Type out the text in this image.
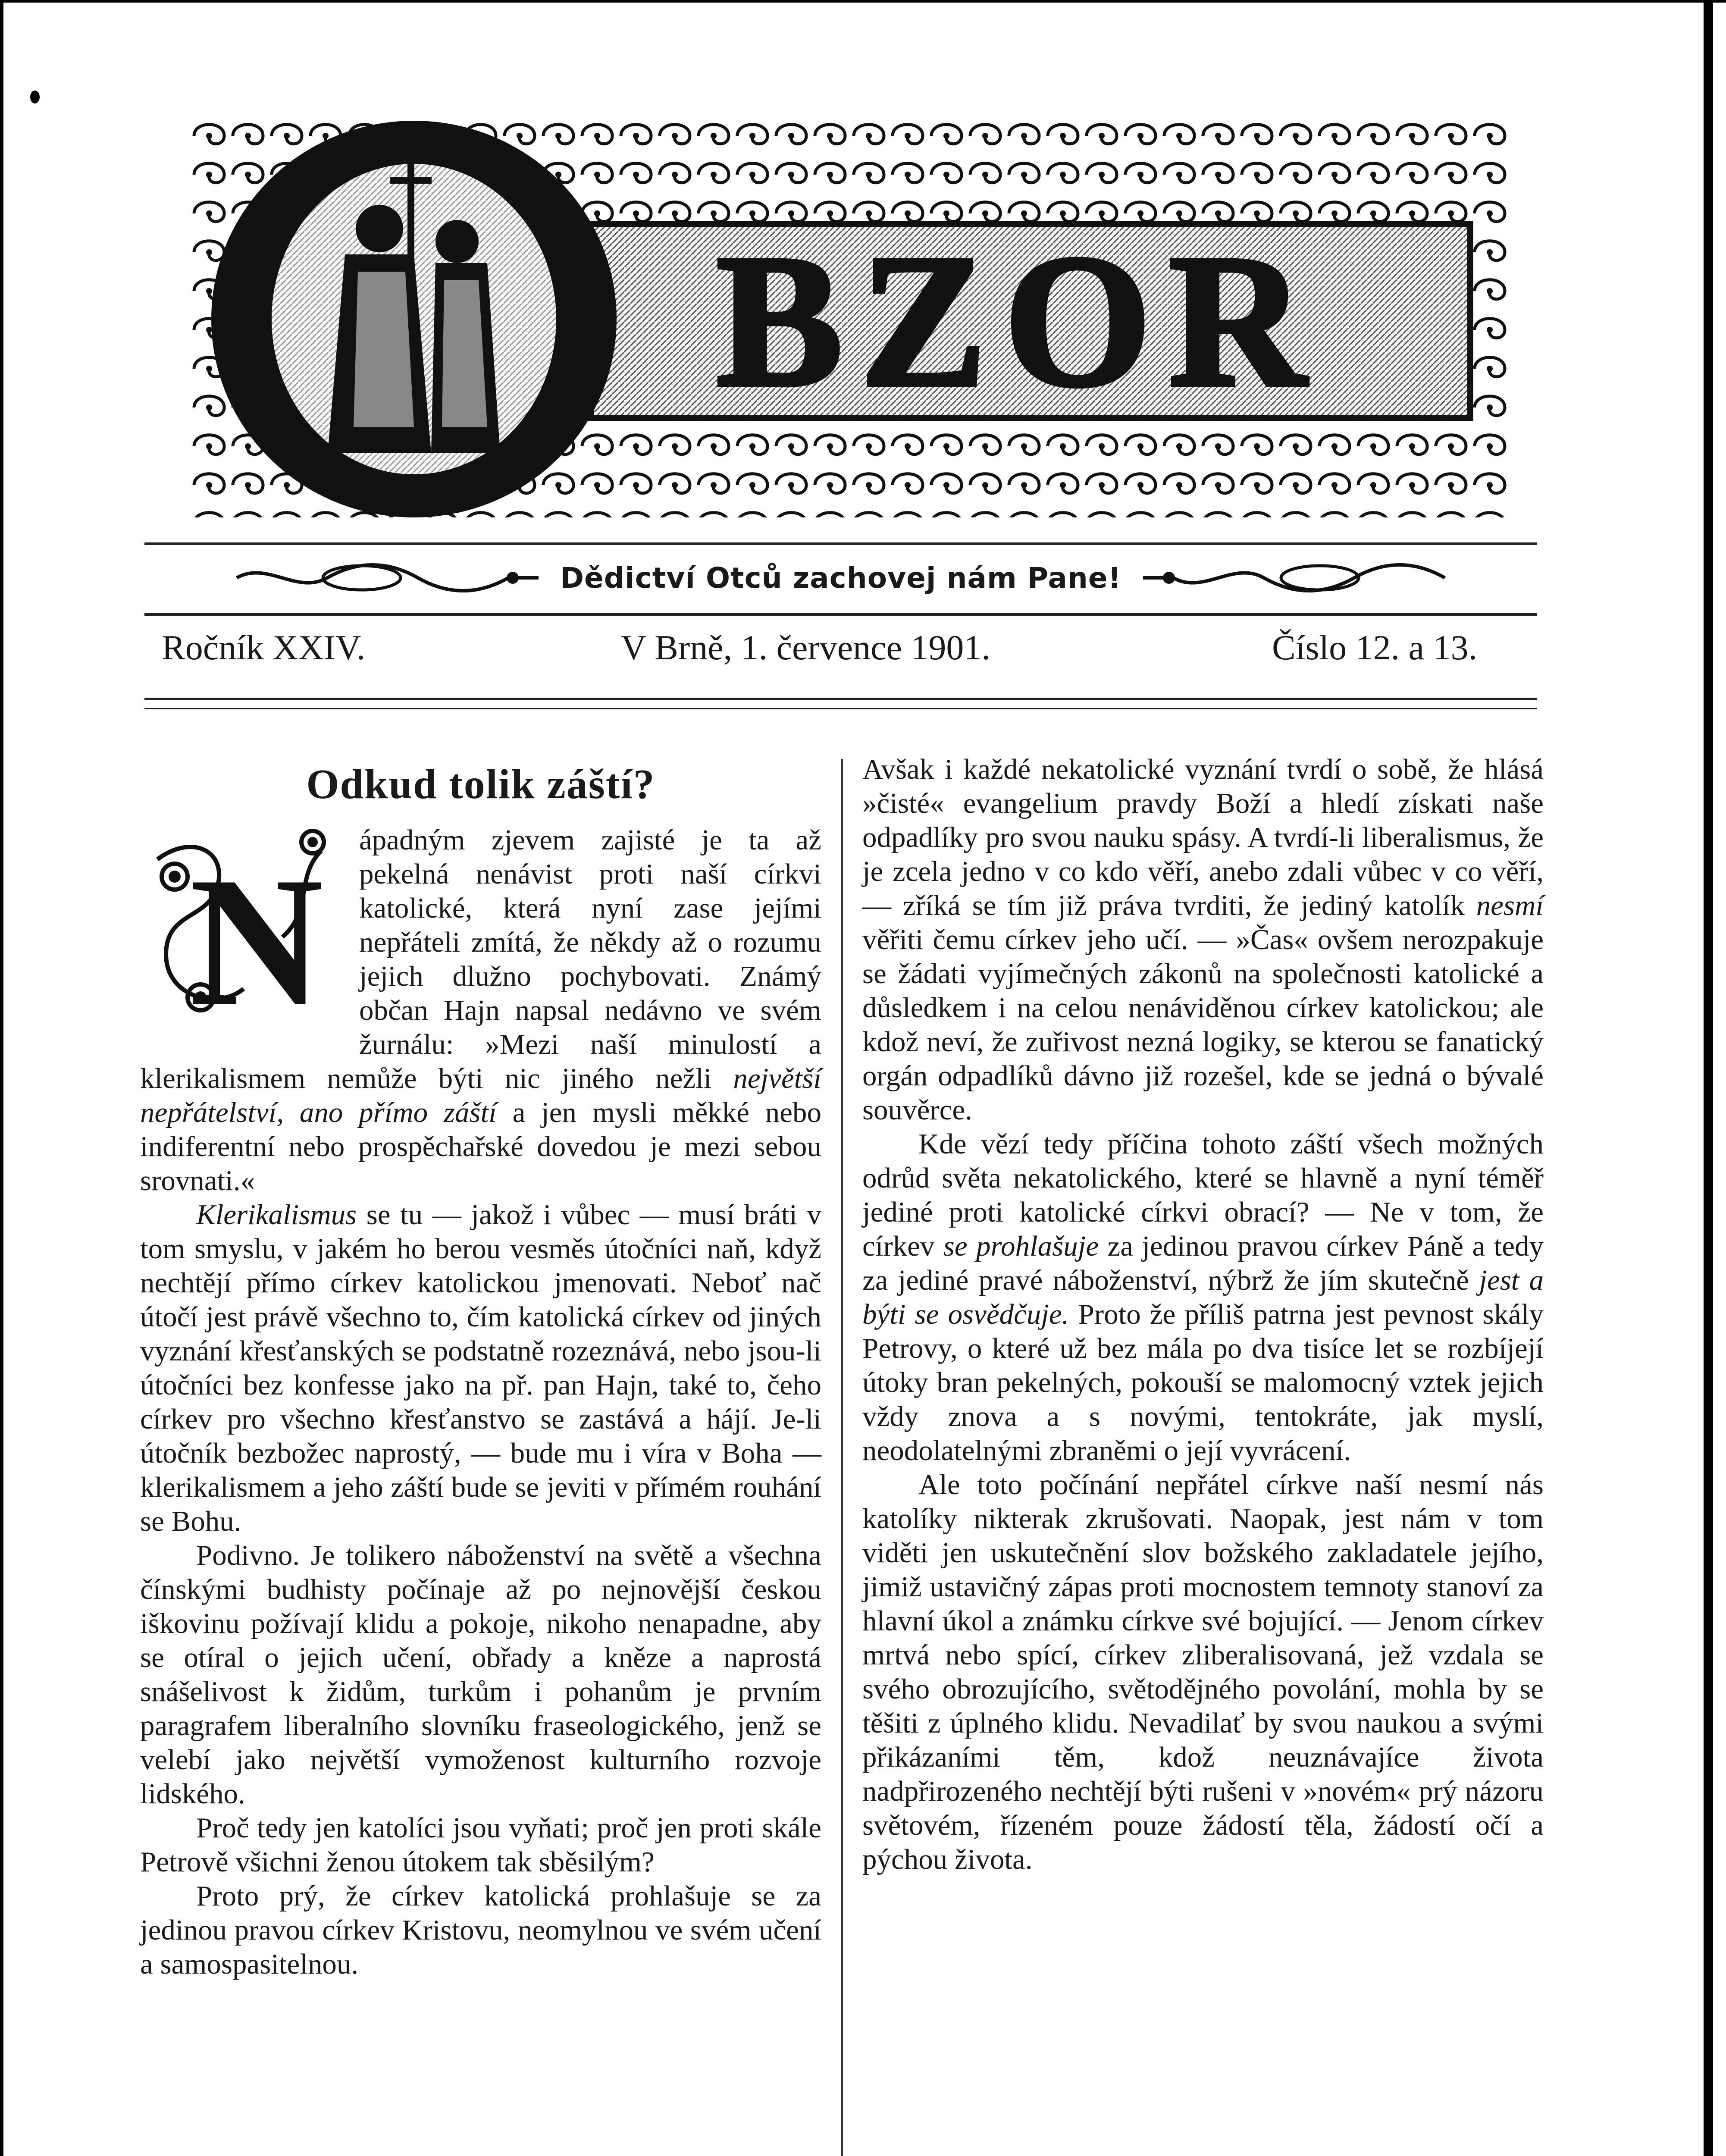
BZOR
Dědictví Otců zachovej nám Pane!
Ročník XXIV.	V Brně, 1. července 1901.	Číslo 12. a 13.
Odkud tolik záští?

N ápadným zjevem zajisté je ta až pekelná nenávist proti naší církvi katolické, která nyní zase jejími nepřáteli zmítá, že někdy až o rozumu jejich dlužno pochybovati. Známý občan Hajn napsal nedávno ve svém žurnálu: »Mezi naší minulostí a klerikalismem nemůže býti nic jiného nežli největší nepřátelství, ano přímo záští a jen mysli měkké nebo indiferentní nebo prospěchařské dovedou je mezi sebou srovnati.«

Klerikalismus se tu — jakož i vůbec — musí bráti v tom smyslu, v jakém ho berou vesměs útočníci naň, když nechtějí přímo církev katolickou jmenovati. Neboť nač útočí jest právě všechno to, čím katolická církev od jiných vyznání křesťanských se podstatně rozeznává, nebo jsou-li útočníci bez konfesse jako na př. pan Hajn, také to, čeho církev pro všechno křesťanstvo se zastává a hájí. Je-li útočník bezbožec naprostý, — bude mu i víra v Boha — klerikalismem a jeho záští bude se jeviti v přímém rouhání se Bohu.

Podivno. Je tolikero náboženství na světě a všechna čínskými budhisty počínaje až po nejnovější českou iškovinu požívají klidu a pokoje, nikoho nenapadne, aby se otíral o jejich učení, obřady a kněze a naprostá snášelivost k židům, turkům i pohanům je prvním paragrafem liberalního slovníku fraseologického, jenž se velebí jako největší vymoženost kulturního rozvoje lidského.

Proč tedy jen katolíci jsou vyňati; proč jen proti skále Petrově všichni ženou útokem tak sběsilým?

Proto prý, že církev katolická prohlašuje se za jedinou pravou církev Kristovu, neomylnou ve svém učení a samospasitelnou.

Avšak i každé nekatolické vyznání tvrdí o sobě, že hlásá »čisté« evangelium pravdy Boží a hledí získati naše odpadlíky pro svou nauku spásy. A tvrdí-li liberalismus, že je zcela jedno v co kdo věří, anebo zdali vůbec v co věří, — zříká se tím již práva tvrditi, že jediný katolík nesmí věřiti čemu církev jeho učí. — »Čas« ovšem nerozpakuje se žádati vyjímečných zákonů na společnosti katolické a důsledkem i na celou nenáviděnou církev katolickou; ale kdož neví, že zuřivost nezná logiky, se kterou se fanatický orgán odpadlíků dávno již rozešel, kde se jedná o bývalé souvěrce.

Kde vězí tedy příčina tohoto záští všech možných odrůd světa nekatolického, které se hlavně a nyní téměř jediné proti katolické církvi obrací? — Ne v tom, že církev se prohlašuje za jedinou pravou církev Páně a tedy za jediné pravé náboženství, nýbrž že jím skutečně jest a býti se osvědčuje. Proto že příliš patrna jest pevnost skály Petrovy, o které už bez mála po dva tisíce let se rozbíjejí útoky bran pekelných, pokouší se malomocný vztek jejich vždy znova a s novými, tentokráte, jak myslí, neodolatelnými zbraněmi o její vyvrácení.

Ale toto počínání nepřátel církve naší nesmí nás katolíky nikterak zkrušovati. Naopak, jest nám v tom viděti jen uskutečnění slov božského zakladatele jejího, jimiž ustavičný zápas proti mocnostem temnoty stanoví za hlavní úkol a známku církve své bojující. — Jenom církev mrtvá nebo spící, církev zliberalisovaná, jež vzdala se svého obrozujícího, světodějného povolání, mohla by se těšiti z úplného klidu. Nevadilať by svou naukou a svými přikázaními těm, kdož neuznávajíce života nadpřirozeného nechtějí býti rušeni v »novém« prý názoru světovém, řízeném pouze žádostí těla, žádostí očí a pýchou života.
